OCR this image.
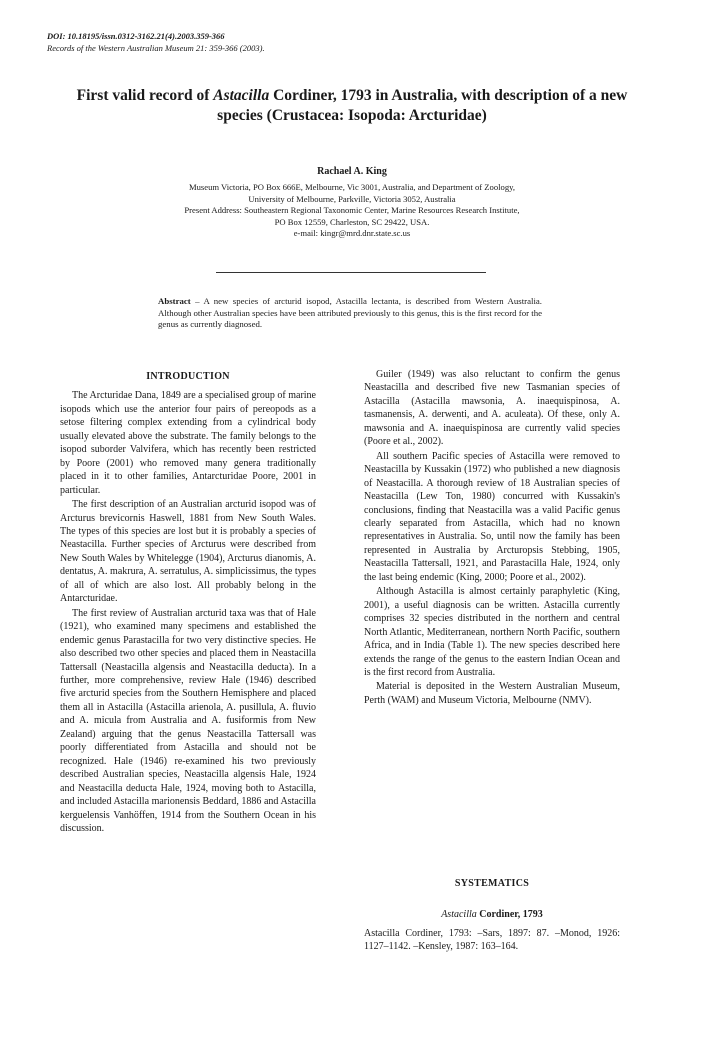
DOI: 10.18195/issn.0312-3162.21(4).2003.359-366
Records of the Western Australian Museum 21: 359-366 (2003).
First valid record of Astacilla Cordiner, 1793 in Australia, with description of a new species (Crustacea: Isopoda: Arcturidae)
Rachael A. King
Museum Victoria, PO Box 666E, Melbourne, Vic 3001, Australia, and Department of Zoology,
University of Melbourne, Parkville, Victoria 3052, Australia
Present Address: Southeastern Regional Taxonomic Center, Marine Resources Research Institute,
PO Box 12559, Charleston, SC 29422, USA.
e-mail: kingr@mrd.dnr.state.sc.us
Abstract – A new species of arcturid isopod, Astacilla lectanta, is described from Western Australia. Although other Australian species have been attributed previously to this genus, this is the first record for the genus as currently diagnosed.
INTRODUCTION

The Arcturidae Dana, 1849 are a specialised group of marine isopods which use the anterior four pairs of pereopods as a setose filtering complex extending from a cylindrical body usually elevated above the substrate. The family belongs to the isopod suborder Valvifera, which has recently been restricted by Poore (2001) who removed many genera traditionally placed in it to other families, Antarcturidae Poore, 2001 in particular.

The first description of an Australian arcturid isopod was of Arcturus brevicornis Haswell, 1881 from New South Wales. The types of this species are lost but it is probably a species of Neastacilla. Further species of Arcturus were described from New South Wales by Whitelegge (1904), Arcturus dianomis, A. dentatus, A. makrura, A. serratulus, A. simplicissimus, the types of all of which are also lost. All probably belong in the Antarcturidae.

The first review of Australian arcturid taxa was that of Hale (1921), who examined many specimens and established the endemic genus Parastacilla for two very distinctive species. He also described two other species and placed them in Neastacilla Tattersall (Neastacilla algensis and Neastacilla deducta). In a further, more comprehensive, review Hale (1946) described five arcturid species from the Southern Hemisphere and placed them all in Astacilla (Astacilla arienola, A. pusillula, A. fluvio and A. micula from Australia and A. fusiformis from New Zealand) arguing that the genus Neastacilla Tattersall was poorly differentiated from Astacilla and should not be recognized. Hale (1946) re-examined his two previously described Australian species, Neastacilla algensis Hale, 1924 and Neastacilla deducta Hale, 1924, moving both to Astacilla, and included Astacilla marionensis Beddard, 1886 and Astacilla kerguelensis Vanhöffen, 1914 from the Southern Ocean in his discussion.

Guiler (1949) was also reluctant to confirm the genus Neastacilla and described five new Tasmanian species of Astacilla (Astacilla mawsonia, A. inaequispinosa, A. tasmanensis, A. derwenti, and A. aculeata). Of these, only A. mawsonia and A. inaequispinosa are currently valid species (Poore et al., 2002).

All southern Pacific species of Astacilla were removed to Neastacilla by Kussakin (1972) who published a new diagnosis of Neastacilla. A thorough review of 18 Australian species of Neastacilla (Lew Ton, 1980) concurred with Kussakin's conclusions, finding that Neastacilla was a valid Pacific genus clearly separated from Astacilla, which had no known representatives in Australia. So, until now the family has been represented in Australia by Arcturopsis Stebbing, 1905, Neastacilla Tattersall, 1921, and Parastacilla Hale, 1924, only the last being endemic (King, 2000; Poore et al., 2002).

Although Astacilla is almost certainly paraphyletic (King, 2001), a useful diagnosis can be written. Astacilla currently comprises 32 species distributed in the northern and central North Atlantic, Mediterranean, northern North Pacific, southern Africa, and in India (Table 1). The new species described here extends the range of the genus to the eastern Indian Ocean and is the first record from Australia.

Material is deposited in the Western Australian Museum, Perth (WAM) and Museum Victoria, Melbourne (NMV).

SYSTEMATICS
Astacilla Cordiner, 1793
Astacilla Cordiner, 1793: –Sars, 1897: 87. –Monod, 1926: 1127–1142. –Kensley, 1987: 163–164.
